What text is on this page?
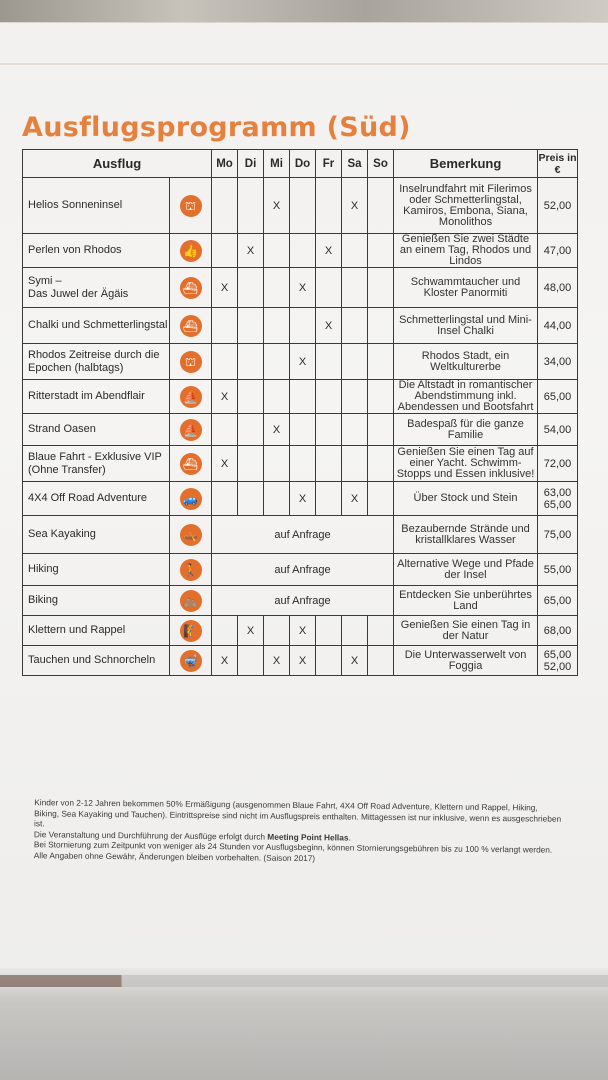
Ausflugsprogramm (Süd)
Ausflug		Mo	Di	Mi	Do	Fr	Sa	So	Bemerkung	Preis in €
Helios Sonneninsel	⛫			X			X		Inselrundfahrt mit Filerimos oder Schmetterlingstal, Kamiros, Embona, Siana, Monolithos	52,00
Perlen von Rhodos	👍		X			X			Genießen Sie zwei Städte an einem Tag, Rhodos und Lindos	47,00
Symi –
Das Juwel der Ägäis	⛴	X			X				Schwammtaucher und Kloster Panormiti	48,00
Chalki und Schmetterlingstal	⛴					X			Schmetterlingstal und Mini-Insel Chalki	44,00
Rhodos Zeitreise durch die Epochen (halbtags)	⛫				X				Rhodos Stadt, ein Weltkulturerbe	34,00
Ritterstadt im Abendflair	⛵	X							Die Altstadt in romantischer Abendstimmung inkl. Abendessen und Bootsfahrt	65,00
Strand Oasen	⛵			X					Badespaß für die ganze Familie	54,00
Blaue Fahrt - Exklusive VIP (Ohne Transfer)	⛴	X							Genießen Sie einen Tag auf einer Yacht. Schwimm-Stopps und Essen inklusive!	72,00
4X4 Off Road Adventure	🚙				X		X		Über Stock und Stein	63,00
65,00
Sea Kayaking	🛶	auf Anfrage							Bezaubernde Strände und kristallklares Wasser	75,00
Hiking	🚶	auf Anfrage							Alternative Wege und Pfade der Insel	55,00
Biking	🚲	auf Anfrage							Entdecken Sie unberührtes Land	65,00
Klettern und Rappel	🧗		X		X				Genießen Sie einen Tag in der Natur	68,00
Tauchen und Schnorcheln	🤿	X		X	X		X		Die Unterwasserwelt von Foggia	65,00
52,00

Kinder von 2-12 Jahren bekommen 50% Ermäßigung (ausgenommen Blaue Fahrt, 4X4 Off Road Adventure, Klettern und Rappel, Hiking, Biking, Sea Kayaking und Tauchen). Eintrittspreise sind nicht im Ausflugspreis enthalten. Mittagessen ist nur inklusive, wenn es ausgeschrieben ist.

Die Veranstaltung und Durchführung der Ausflüge erfolgt durch Meeting Point Hellas.

Bei Stornierung zum Zeitpunkt von weniger als 24 Stunden vor Ausflugsbeginn, können Stornierungsgebühren bis zu 100 % verlangt werden. Alle Angaben ohne Gewähr, Änderungen bleiben vorbehalten. (Saison 2017)
